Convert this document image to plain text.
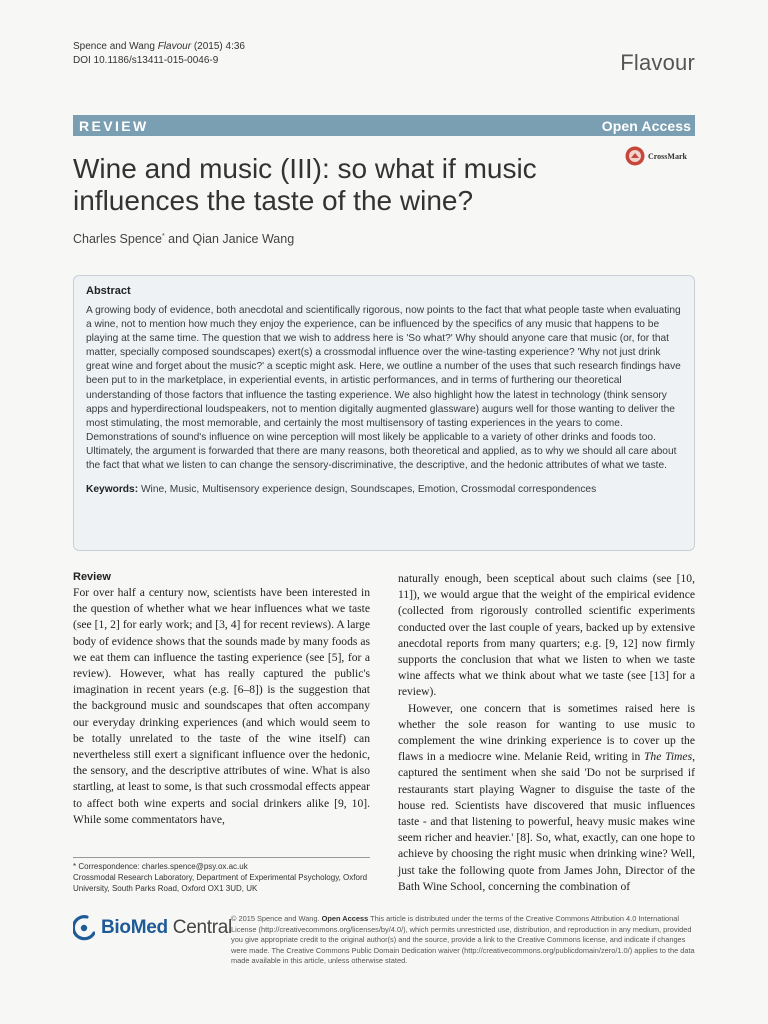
Spence and Wang Flavour (2015) 4:36
DOI 10.1186/s13411-015-0046-9	Flavour
REVIEW	Open Access
Wine and music (III): so what if music influences the taste of the wine?
CrossMark
Charles Spence* and Qian Janice Wang
Abstract
A growing body of evidence, both anecdotal and scientifically rigorous, now points to the fact that what people taste when evaluating a wine, not to mention how much they enjoy the experience, can be influenced by the specifics of any music that happens to be playing at the same time. The question that we wish to address here is 'So what?' Why should anyone care that music (or, for that matter, specially composed soundscapes) exert(s) a crossmodal influence over the wine-tasting experience? 'Why not just drink great wine and forget about the music?' a sceptic might ask. Here, we outline a number of the uses that such research findings have been put to in the marketplace, in experiential events, in artistic performances, and in terms of furthering our theoretical understanding of those factors that influence the tasting experience. We also highlight how the latest in technology (think sensory apps and hyperdirectional loudspeakers, not to mention digitally augmented glassware) augurs well for those wanting to deliver the most stimulating, the most memorable, and certainly the most multisensory of tasting experiences in the years to come. Demonstrations of sound's influence on wine perception will most likely be applicable to a variety of other drinks and foods too. Ultimately, the argument is forwarded that there are many reasons, both theoretical and applied, as to why we should all care about the fact that what we listen to can change the sensory-discriminative, the descriptive, and the hedonic attributes of what we taste.
Keywords: Wine, Music, Multisensory experience design, Soundscapes, Emotion, Crossmodal correspondences
Review

For over half a century now, scientists have been interested in the question of whether what we hear influences what we taste (see [1, 2] for early work; and [3, 4] for recent reviews). A large body of evidence shows that the sounds made by many foods as we eat them can influence the tasting experience (see [5], for a review). However, what has really captured the public's imagination in recent years (e.g. [6–8]) is the suggestion that the background music and soundscapes that often accompany our everyday drinking experiences (and which would seem to be totally unrelated to the taste of the wine itself) can nevertheless still exert a significant influence over the hedonic, the sensory, and the descriptive attributes of wine. What is also startling, at least to some, is that such crossmodal effects appear to affect both wine experts and social drinkers alike [9, 10]. While some commentators have,

naturally enough, been sceptical about such claims (see [10, 11]), we would argue that the weight of the empirical evidence (collected from rigorously controlled scientific experiments conducted over the last couple of years, backed up by extensive anecdotal reports from many quarters; e.g. [9, 12] now firmly supports the conclusion that what we listen to when we taste wine affects what we think about what we taste (see [13] for a review).

However, one concern that is sometimes raised here is whether the sole reason for wanting to use music to complement the wine drinking experience is to cover up the flaws in a mediocre wine. Melanie Reid, writing in The Times, captured the sentiment when she said 'Do not be surprised if restaurants start playing Wagner to disguise the taste of the house red. Scientists have discovered that music influences taste - and that listening to powerful, heavy music makes wine seem richer and heavier.' [8]. So, what, exactly, can one hope to achieve by choosing the right music when drinking wine? Well, just take the following quote from James John, Director of the Bath Wine School, concerning the combination of

* Correspondence: charles.spence@psy.ox.ac.uk
Crossmodal Research Laboratory, Department of Experimental Psychology, Oxford University, South Parks Road, Oxford OX1 3UD, UK
BioMed Central © 2015 Spence and Wang. Open Access This article is distributed under the terms of the Creative Commons Attribution 4.0 International License (http://creativecommons.org/licenses/by/4.0/), which permits unrestricted use, distribution, and reproduction in any medium, provided you give appropriate credit to the original author(s) and the source, provide a link to the Creative Commons license, and indicate if changes were made. The Creative Commons Public Domain Dedication waiver (http://creativecommons.org/publicdomain/zero/1.0/) applies to the data made available in this article, unless otherwise stated.
